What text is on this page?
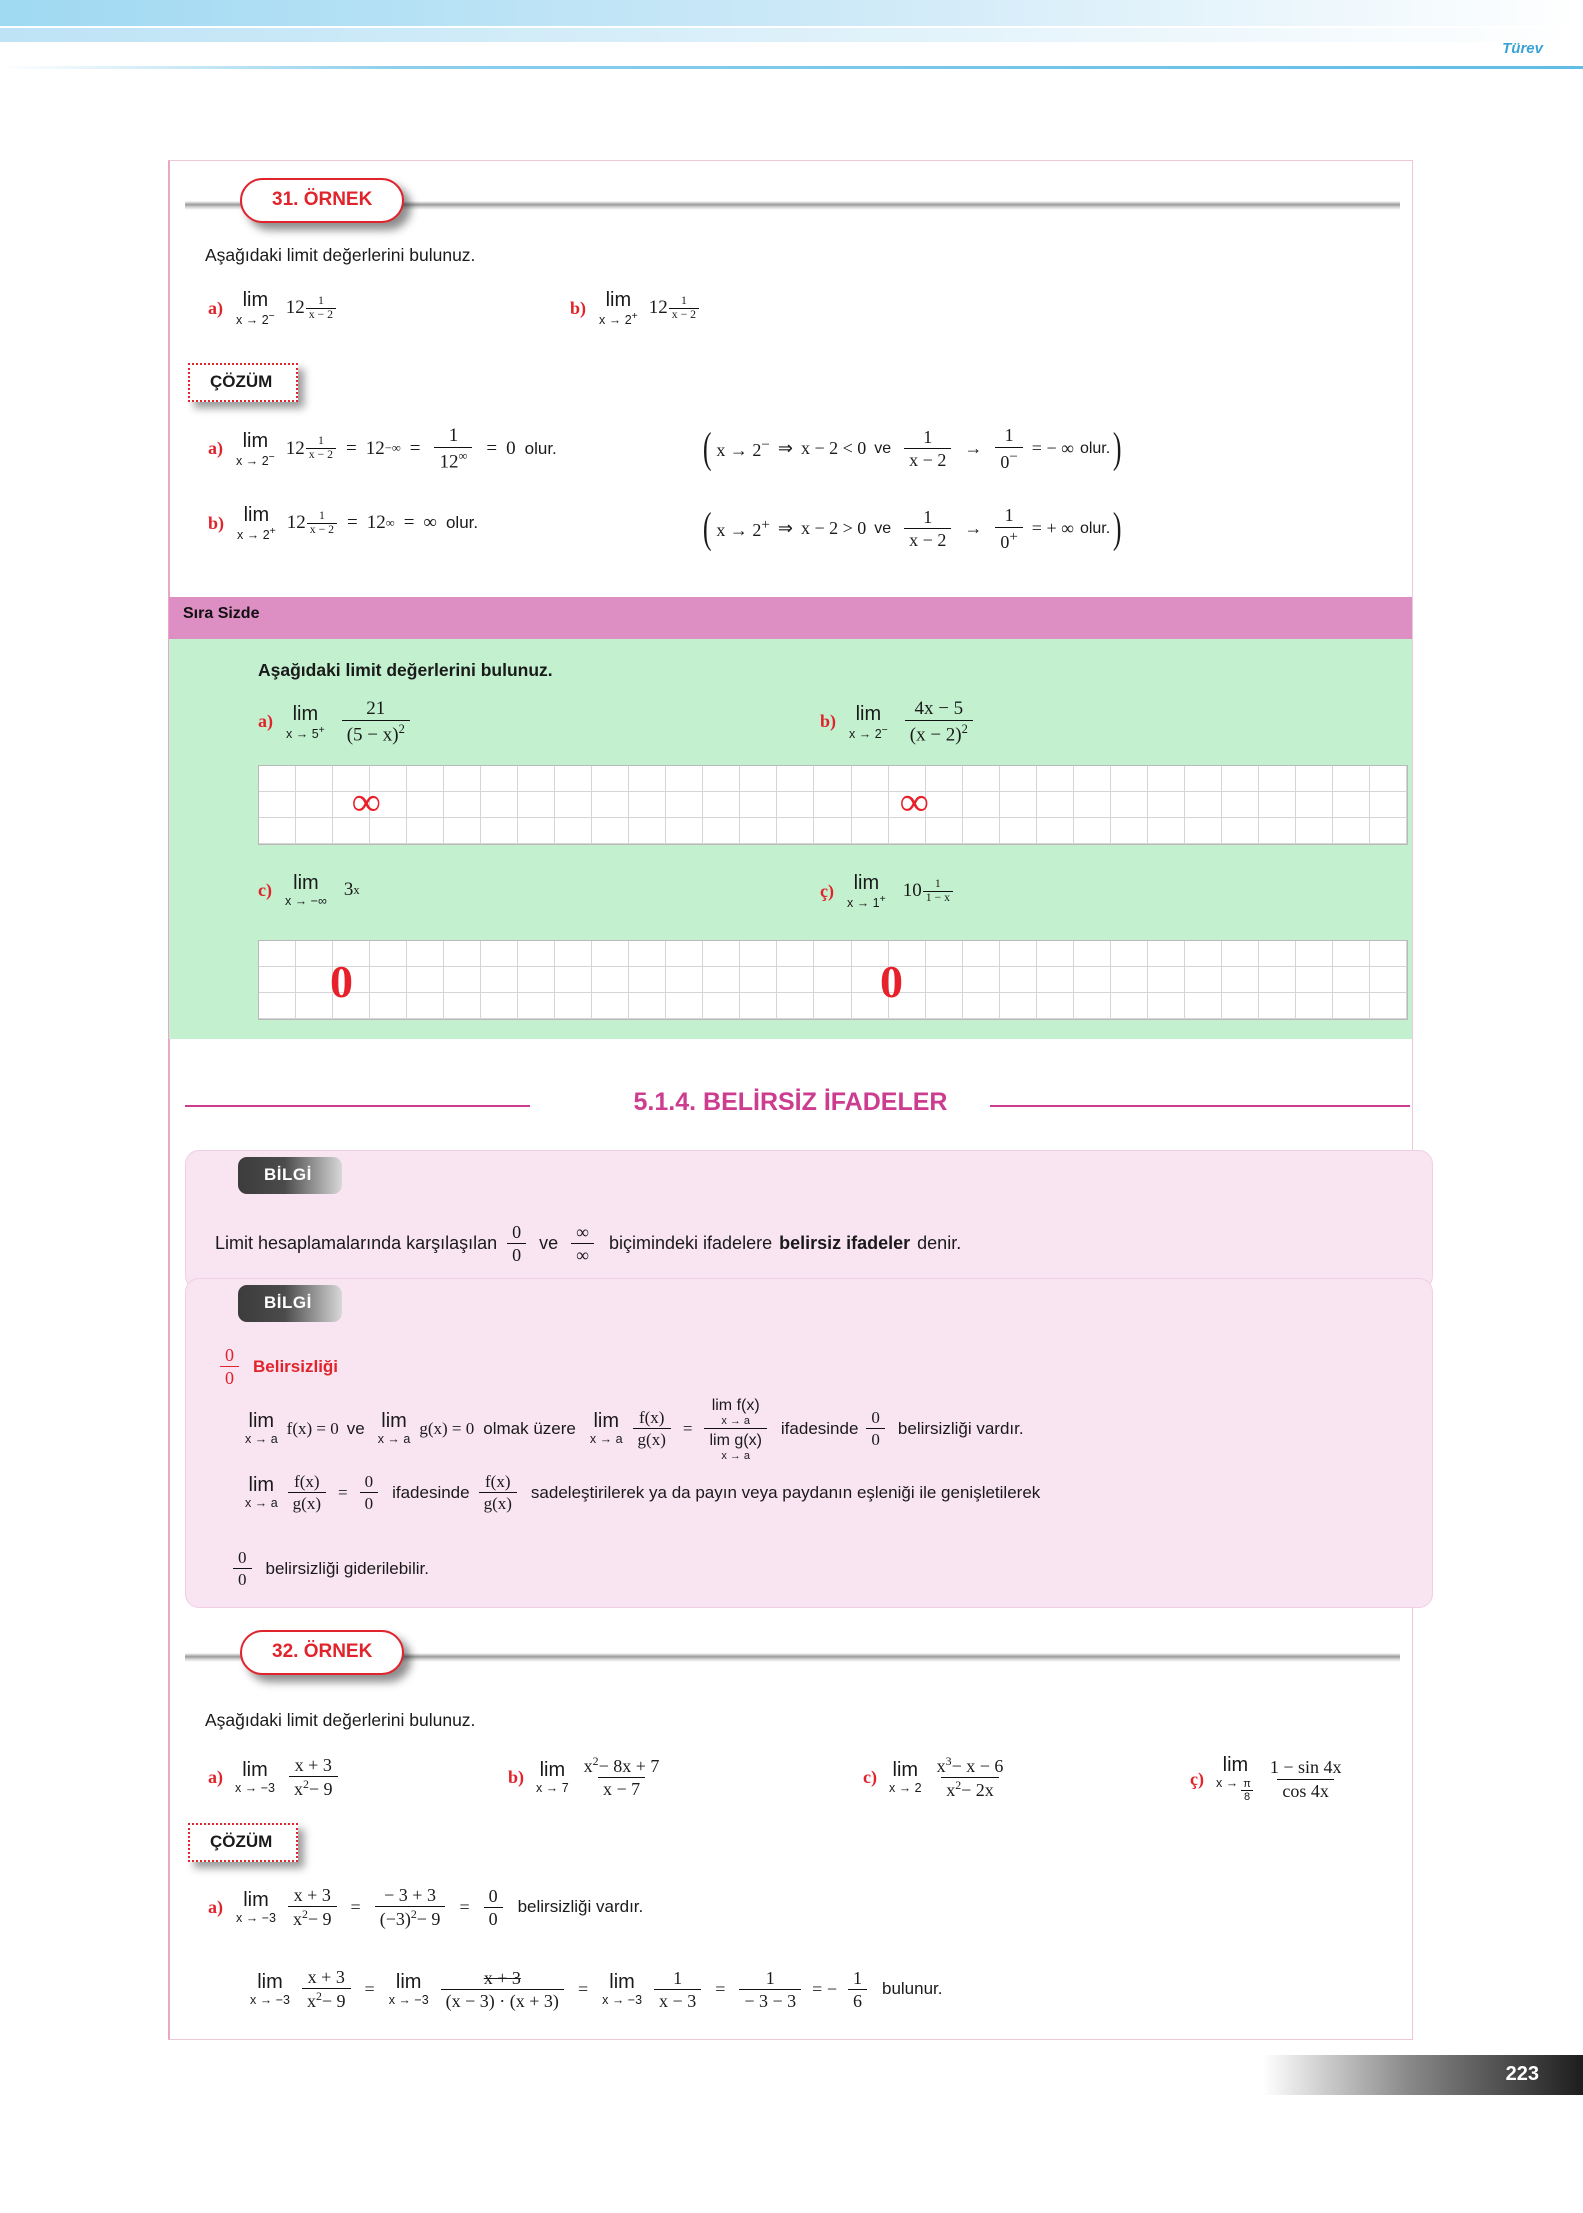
Türev
31. ÖRNEK
Aşağıdaki limit değerlerini bulunuz.
a) lim
x → 2− $12 \frac{1}{x - 2}$	b) lim
x → 2+ $12 \frac{1}{x - 2}$
ÇÖZÜM
a) lim
x → 2− $12 \frac{1}{x - 2} = 12$ −∞ = $\frac{1}{12^\infty} = 0$ olur.	( x → 2− ⇒ x − 2 < 0 ve $\frac{1}{x - 2} \to \frac{1}{0^-}$ = − ∞ olur. )
b) lim
x → 2+ $12 \frac{1}{x - 2} = 12$ ∞ = ∞ olur.	( x → 2+ ⇒ x − 2 > 0 ve $\frac{1}{x - 2} \to \frac{1}{0^+}$ = + ∞ olur. )
Sıra Sizde
Aşağıdaki limit değerlerini bulunuz.
a) lim
$x \to 5^+ \frac{21}{(5 - x)^2}$	b) lim
$x \to 2^- \frac{4x - 5}{(x - 2)^2}$
∞	∞
c) lim
x → −∞
3 x	ç) lim
x → 1+ $10 \frac{1}{1 - x}$
0	0
5.1.4. BELİRSİZ İFADELER
BİLGİ
Limit hesaplamalarında karşılaşılan $\frac{0}{0}$ ve $\frac{\infty}{\infty}$ biçimindeki ifadelere belirsiz ifadeler denir.
BİLGİ
$\frac{0}{0}$ Belirsizliği
lim
x → a
f(x) = 0 ve lim
x → a
g(x) = 0 olmak üzere lim
x → a $\frac{f(x)}{g(x)} = \lim f(x)$
x → a
lim g(x)
x → a ifadesinde $\frac{0}{0}$ belirsizliği vardır.
lim
x → a $\frac{f(x)}{g(x)} = \frac{0}{0}$ ifadesinde $\frac{f(x)}{g(x)}$ sadeleştirilerek ya da payın veya paydanın eşleniği ile genişletilerek
$\frac{0}{0}$ belirsizliği giderilebilir.
32. ÖRNEK
Aşağıdaki limit değerlerini bulunuz.
a) lim
$x \to -3 \frac{x + 3}{x^2- 9}$	b) lim
$x \to 7 \frac{x^2- 8x + 7}{x - 7}$	c) lim
$x \to 2 \frac{x^3- x - 6}{x^2- 2x}$	ç)
lim
$x \to \frac{\pi}{8} \frac{1 - \sin 4x}{\cos 4x}$
ÇÖZÜM
a) lim
$x \to -3 \frac{x + 3}{x^2- 9} = \frac{- 3 + 3}{(-3)^2- 9} = \frac{0}{0}$ belirsizliği vardır.
lim
$x \to -3 \frac{x + 3}{x^2- 9} = \lim$
$x \to -3 \frac{x + 3}{(x - 3) \cdot (x + 3)} = \lim$
$x \to -3 \frac{1}{x - 3} = \frac{1}{- 3 - 3}$ = − $\frac{1}{6}$ bulunur.
223
